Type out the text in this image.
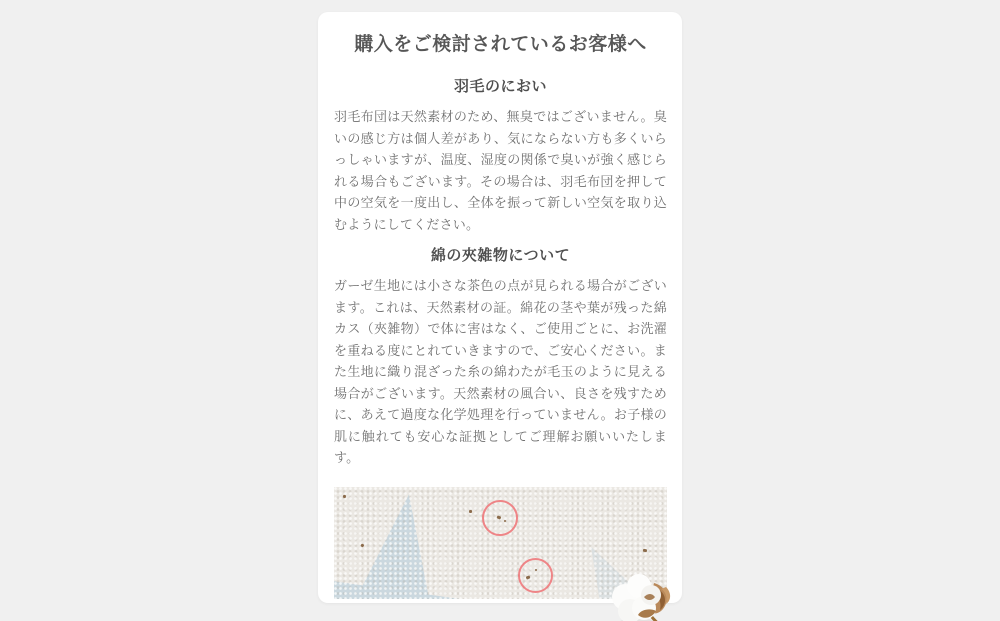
購入をご検討されているお客様へ
羽毛のにおい

羽毛布団は天然素材のため、無臭ではございません。臭いの感じ方は個人差があり、気にならない方も多くいらっしゃいますが、温度、湿度の関係で臭いが強く感じられる場合もございます。その場合は、羽毛布団を押して中の空気を一度出し、全体を振って新しい空気を取り込むようにしてください。

綿の夾雑物について

ガーゼ生地には小さな茶色の点が見られる場合がございます。これは、天然素材の証。綿花の茎や葉が残った綿カス（夾雑物）で体に害はなく、ご使用ごとに、お洗濯を重ねる度にとれていきますので、ご安心ください。また生地に織り混ざった糸の綿わたが毛玉のように見える場合がございます。天然素材の風合い、良さを残すために、あえて過度な化学処理を行っていません。お子様の肌に触れても安心な証拠としてご理解お願いいたします。
